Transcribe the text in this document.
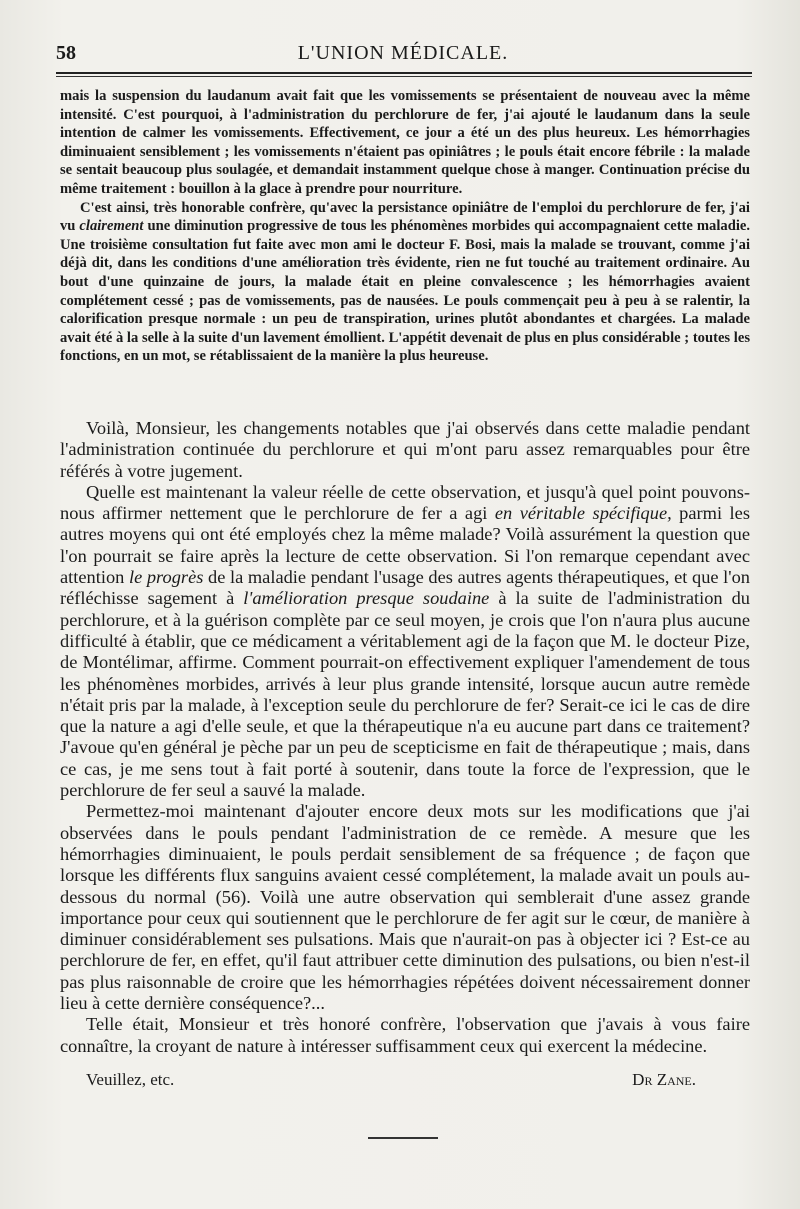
58	L'UNION MÉDICALE.

mais la suspension du laudanum avait fait que les vomissements se présentaient de nouveau avec la même intensité. C'est pourquoi, à l'administration du perchlorure de fer, j'ai ajouté le laudanum dans la seule intention de calmer les vomissements. Effectivement, ce jour a été un des plus heureux. Les hémorrhagies diminuaient sensiblement ; les vomissements n'étaient pas opiniâtres ; le pouls était encore fébrile : la malade se sentait beaucoup plus soulagée, et demandait instamment quelque chose à manger. Continuation précise du même traitement : bouillon à la glace à prendre pour nourriture.

C'est ainsi, très honorable confrère, qu'avec la persistance opiniâtre de l'emploi du perchlorure de fer, j'ai vu clairement une diminution progressive de tous les phénomènes morbides qui accompagnaient cette maladie. Une troisième consultation fut faite avec mon ami le docteur F. Bosi, mais la malade se trouvant, comme j'ai déjà dit, dans les conditions d'une amélioration très évidente, rien ne fut touché au traitement ordinaire. Au bout d'une quinzaine de jours, la malade était en pleine convalescence ; les hémorrhagies avaient complétement cessé ; pas de vomissements, pas de nausées. Le pouls commençait peu à peu à se ralentir, la calorification presque normale : un peu de transpiration, urines plutôt abondantes et chargées. La malade avait été à la selle à la suite d'un lavement émollient. L'appétit devenait de plus en plus considérable ; toutes les fonctions, en un mot, se rétablissaient de la manière la plus heureuse.

Voilà, Monsieur, les changements notables que j'ai observés dans cette maladie pendant l'administration continuée du perchlorure et qui m'ont paru assez remarquables pour être référés à votre jugement.

Quelle est maintenant la valeur réelle de cette observation, et jusqu'à quel point pouvons-nous affirmer nettement que le perchlorure de fer a agi en véritable spécifique, parmi les autres moyens qui ont été employés chez la même malade? Voilà assurément la question que l'on pourrait se faire après la lecture de cette observation. Si l'on remarque cependant avec attention le progrès de la maladie pendant l'usage des autres agents thérapeutiques, et que l'on réfléchisse sagement à l'amélioration presque soudaine à la suite de l'administration du perchlorure, et à la guérison complète par ce seul moyen, je crois que l'on n'aura plus aucune difficulté à établir, que ce médicament a véritablement agi de la façon que M. le docteur Pize, de Montélimar, affirme. Comment pourrait-on effectivement expliquer l'amendement de tous les phénomènes morbides, arrivés à leur plus grande intensité, lorsque aucun autre remède n'était pris par la malade, à l'exception seule du perchlorure de fer? Serait-ce ici le cas de dire que la nature a agi d'elle seule, et que la thérapeutique n'a eu aucune part dans ce traitement? J'avoue qu'en général je pèche par un peu de scepticisme en fait de thérapeutique ; mais, dans ce cas, je me sens tout à fait porté à soutenir, dans toute la force de l'expression, que le perchlorure de fer seul a sauvé la malade.

Permettez-moi maintenant d'ajouter encore deux mots sur les modifications que j'ai observées dans le pouls pendant l'administration de ce remède. A mesure que les hémorrhagies diminuaient, le pouls perdait sensiblement de sa fréquence ; de façon que lorsque les différents flux sanguins avaient cessé complétement, la malade avait un pouls au-dessous du normal (56). Voilà une autre observation qui semblerait d'une assez grande importance pour ceux qui soutiennent que le perchlorure de fer agit sur le cœur, de manière à diminuer considérablement ses pulsations. Mais que n'aurait-on pas à objecter ici ? Est-ce au perchlorure de fer, en effet, qu'il faut attribuer cette diminution des pulsations, ou bien n'est-il pas plus raisonnable de croire que les hémorrhagies répétées doivent nécessairement donner lieu à cette dernière conséquence?...

Telle était, Monsieur et très honoré confrère, l'observation que j'avais à vous faire connaître, la croyant de nature à intéresser suffisamment ceux qui exercent la médecine.

Veuillez, etc.	Dr Zane.
